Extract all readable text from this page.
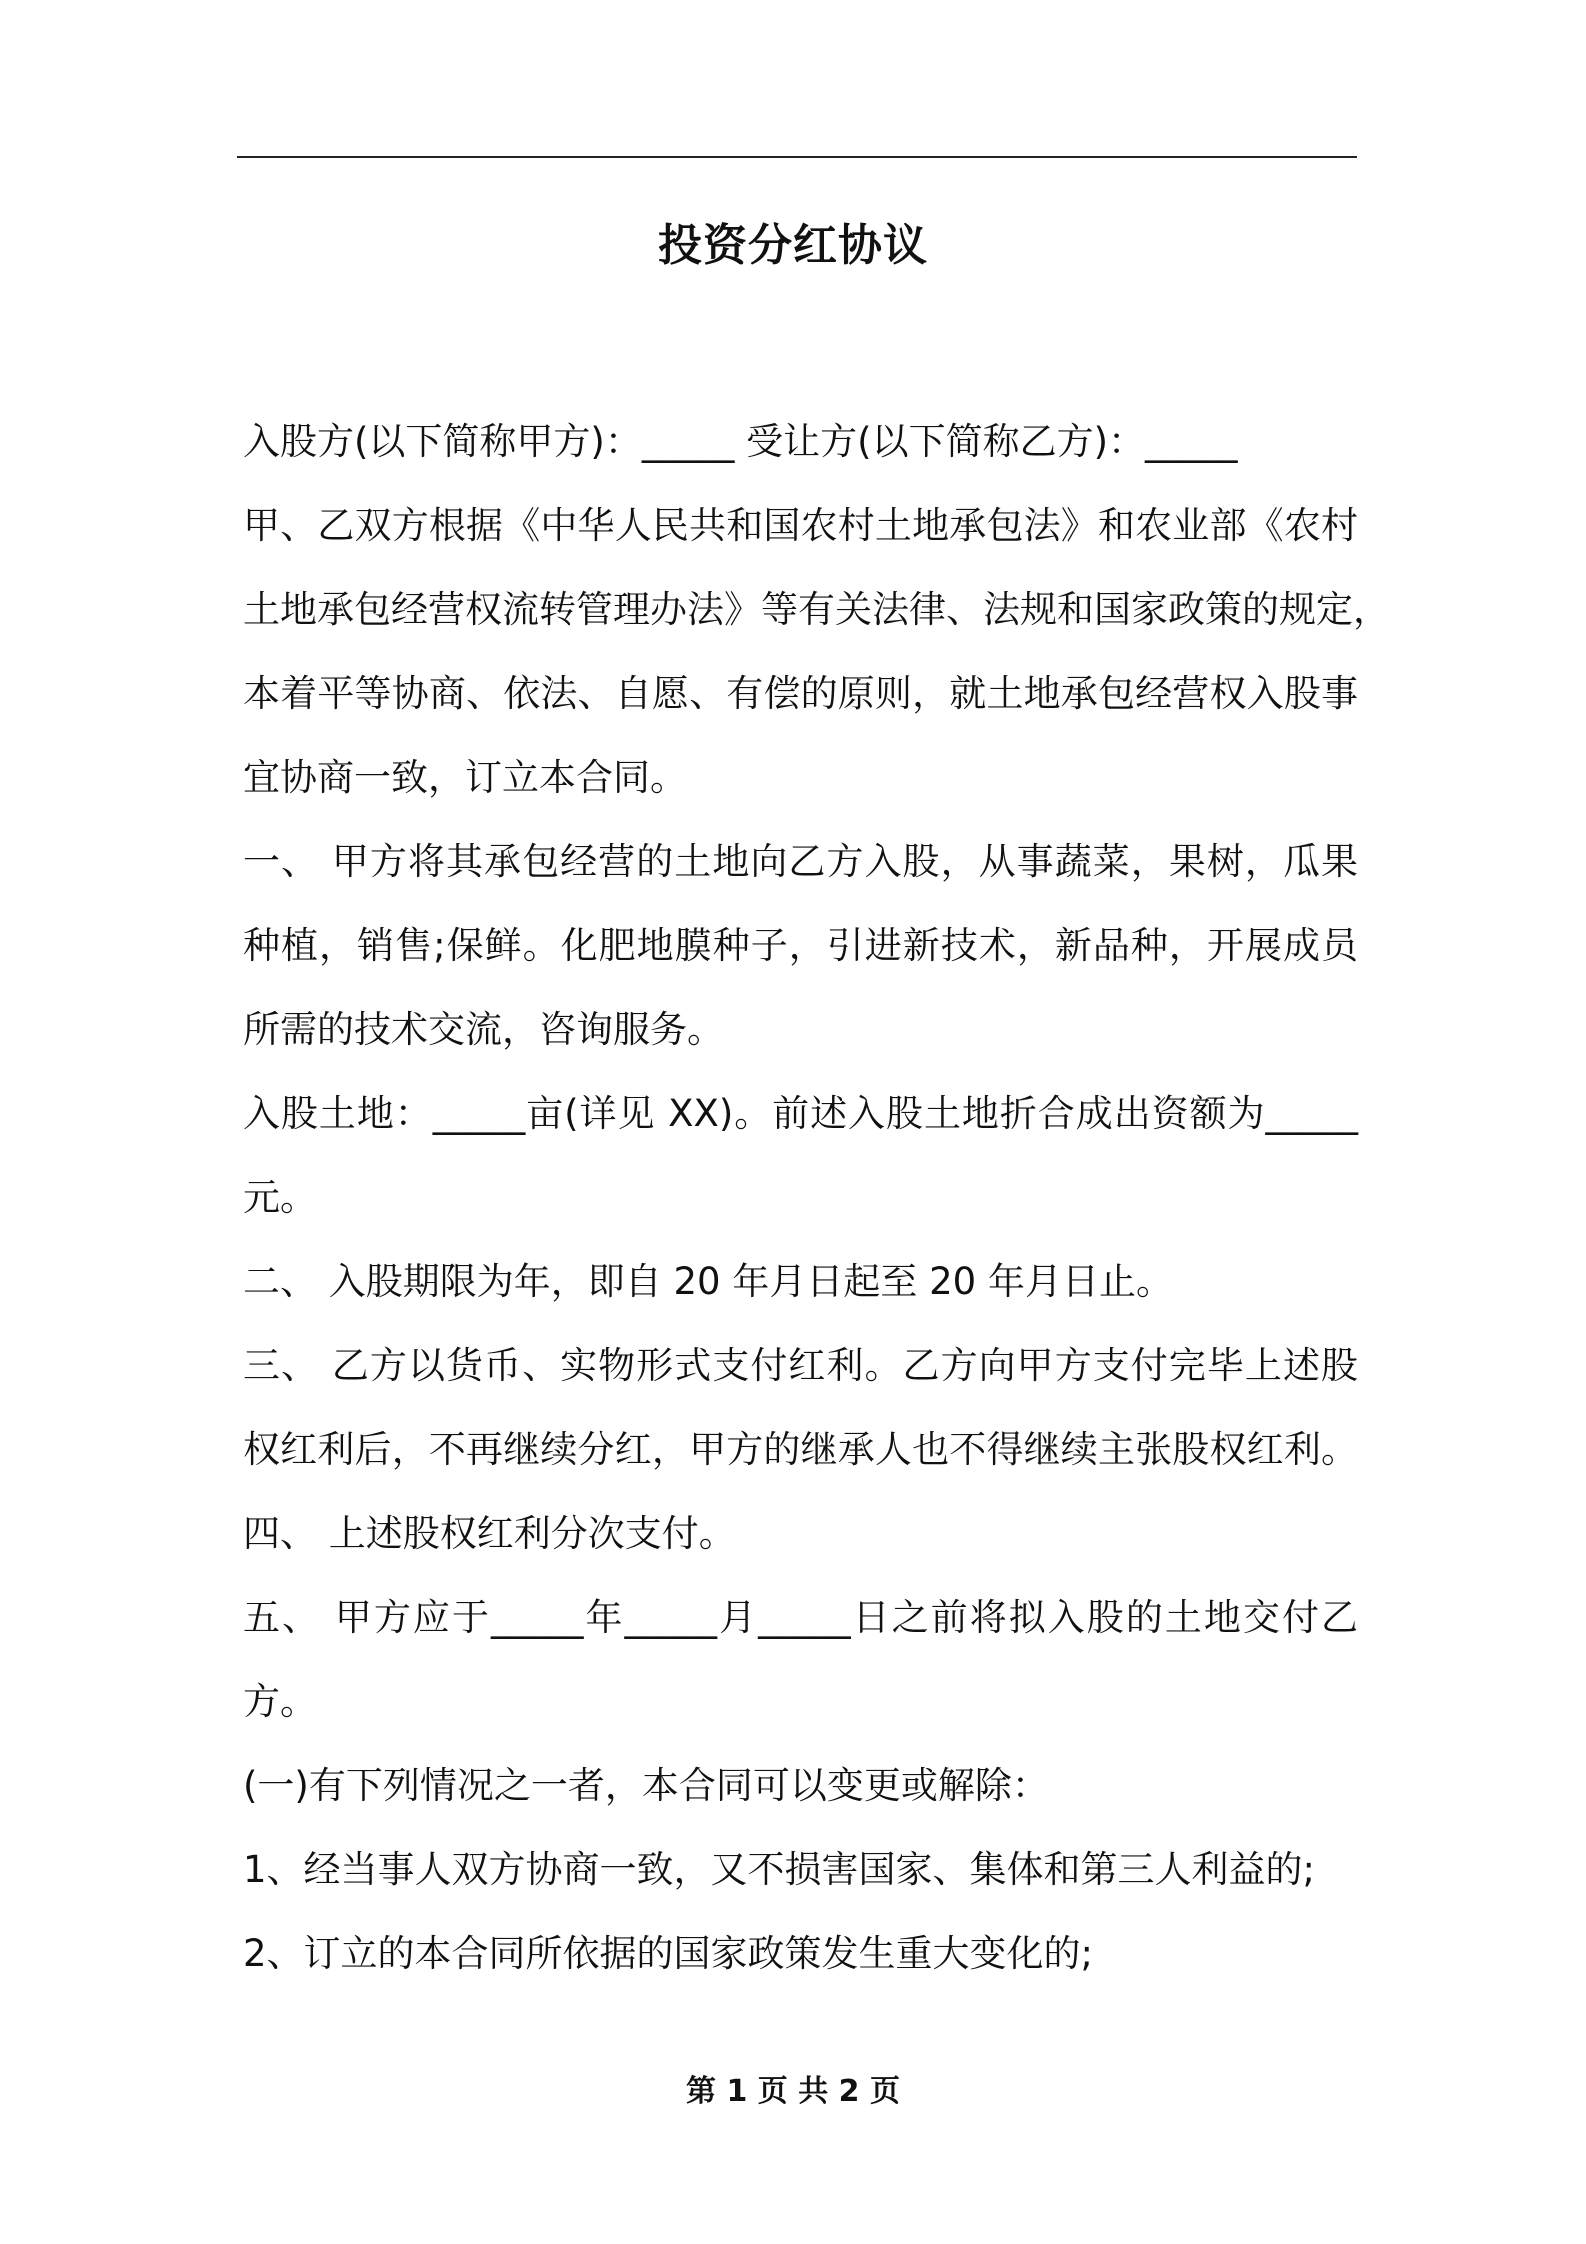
投资分红协议
入股方(以下简称甲方)：_____ 受让方(以下简称乙方)：_____
甲、乙双方根据《中华人民共和国农村土地承包法》和农业部《农村
土地承包经营权流转管理办法》等有关法律、法规和国家政策的规定，
本着平等协商、依法、自愿、有偿的原则，就土地承包经营权入股事
宜协商一致，订立本合同。
一、 甲方将其承包经营的土地向乙方入股，从事蔬菜，果树，瓜果
种植，销售;保鲜。化肥地膜种子，引进新技术，新品种，开展成员
所需的技术交流，咨询服务。
入股土地：_____亩(详见 XX)。前述入股土地折合成出资额为_____
元。
二、 入股期限为年，即自 20 年月日起至 20 年月日止。
三、 乙方以货币、实物形式支付红利。乙方向甲方支付完毕上述股
权红利后，不再继续分红，甲方的继承人也不得继续主张股权红利。
四、 上述股权红利分次支付。
五、 甲方应于_____年_____月_____日之前将拟入股的土地交付乙
方。
(一)有下列情况之一者，本合同可以变更或解除：
1、经当事人双方协商一致，又不损害国家、集体和第三人利益的;
2、订立的本合同所依据的国家政策发生重大变化的;
第 1 页 共 2 页
